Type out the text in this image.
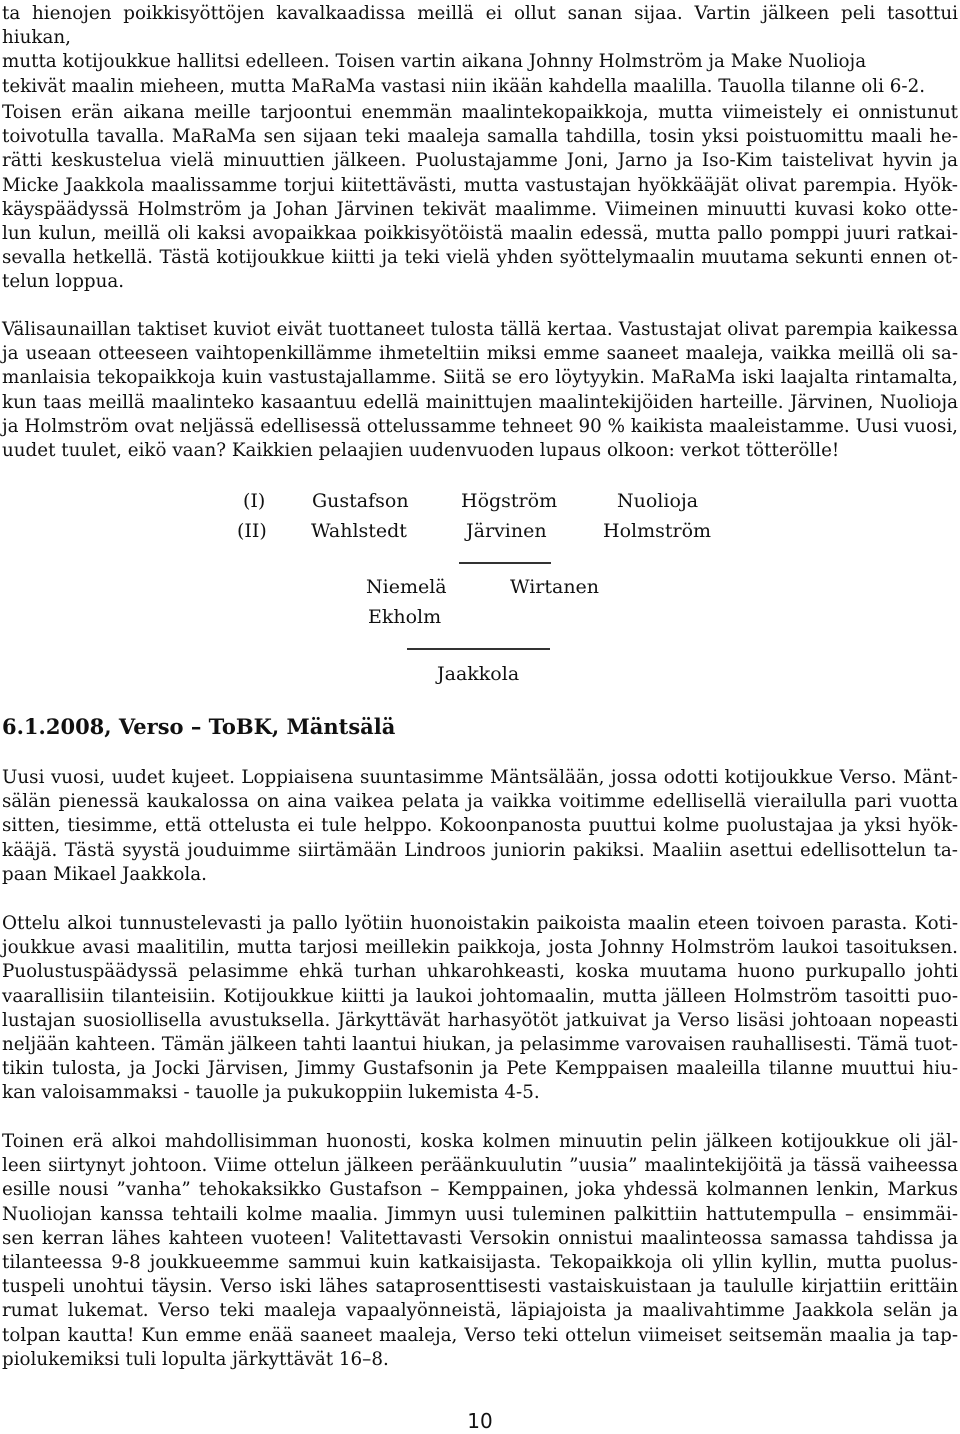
ta hienojen poikkisyöttöjen kavalkaadissa meillä ei ollut sanan sijaa. Vartin jälkeen peli tasottui hiukan,
mutta kotijoukkue hallitsi edelleen. Toisen vartin aikana Johnny Holmström ja Make Nuolioja
tekivät maalin mieheen, mutta MaRaMa vastasi niin ikään kahdella maalilla. Tauolla tilanne oli 6-2.
Toisen erän aikana meille tarjoontui enemmän maalintekopaikkoja, mutta viimeistely ei onnistunut
toivotulla tavalla. MaRaMa sen sijaan teki maaleja samalla tahdilla, tosin yksi poistuomittu maali he-
rätti keskustelua vielä minuuttien jälkeen. Puolustajamme Joni, Jarno ja Iso-Kim taistelivat hyvin ja
Micke Jaakkola maalissamme torjui kiitettävästi, mutta vastustajan hyökkääjät olivat parempia. Hyök-
käyspäädyssä Holmström ja Johan Järvinen tekivät maalimme. Viimeinen minuutti kuvasi koko otte-
lun kulun, meillä oli kaksi avopaikkaa poikkisyötöistä maalin edessä, mutta pallo pomppi juuri ratkai-
sevalla hetkellä. Tästä kotijoukkue kiitti ja teki vielä yhden syöttelymaalin muutama sekunti ennen ot-
telun loppua.
Välisaunaillan taktiset kuviot eivät tuottaneet tulosta tällä kertaa. Vastustajat olivat parempia kaikessa
ja useaan otteeseen vaihtopenkillämme ihmeteltiin miksi emme saaneet maaleja, vaikka meillä oli sa-
manlaisia tekopaikkoja kuin vastustajallamme. Siitä se ero löytyykin. MaRaMa iski laajalta rintamalta,
kun taas meillä maalinteko kasaantuu edellä mainittujen maalintekijöiden harteille. Järvinen, Nuolioja
ja Holmström ovat neljässä edellisessä ottelussamme tehneet 90 % kaikista maaleistamme. Uusi vuosi,
uudet tuulet, eikö vaan? Kaikkien pelaajien uudenvuoden lupaus olkoon: verkot tötterölle!
(I) Gustafson	Högström	Nuolioja
(II) Wahlstedt	Järvinen	Holmström
Niemelä	Wirtanen
Ekholm
Jaakkola
6.1.2008, Verso – ToBK, Mäntsälä
Uusi vuosi, uudet kujeet. Loppiaisena suuntasimme Mäntsälään, jossa odotti kotijoukkue Verso. Mänt-
sälän pienessä kaukalossa on aina vaikea pelata ja vaikka voitimme edellisellä vierailulla pari vuotta
sitten, tiesimme, että ottelusta ei tule helppo. Kokoonpanosta puuttui kolme puolustajaa ja yksi hyök-
kääjä. Tästä syystä jouduimme siirtämään Lindroos juniorin pakiksi. Maaliin asettui edellisottelun ta-
paan Mikael Jaakkola.
Ottelu alkoi tunnustelevasti ja pallo lyötiin huonoistakin paikoista maalin eteen toivoen parasta. Koti-
joukkue avasi maalitilin, mutta tarjosi meillekin paikkoja, josta Johnny Holmström laukoi tasoituksen.
Puolustuspäädyssä pelasimme ehkä turhan uhkarohkeasti, koska muutama huono purkupallo johti
vaarallisiin tilanteisiin. Kotijoukkue kiitti ja laukoi johtomaalin, mutta jälleen Holmström tasoitti puo-
lustajan suosiollisella avustuksella. Järkyttävät harhasyötöt jatkuivat ja Verso lisäsi johtoaan nopeasti
neljään kahteen. Tämän jälkeen tahti laantui hiukan, ja pelasimme varovaisen rauhallisesti. Tämä tuot-
tikin tulosta, ja Jocki Järvisen, Jimmy Gustafsonin ja Pete Kemppaisen maaleilla tilanne muuttui hiu-
kan valoisammaksi - tauolle ja pukukoppiin lukemista 4-5.
Toinen erä alkoi mahdollisimman huonosti, koska kolmen minuutin pelin jälkeen kotijoukkue oli jäl-
leen siirtynyt johtoon. Viime ottelun jälkeen peräänkuulutin ”uusia” maalintekijöitä ja tässä vaiheessa
esille nousi ”vanha” tehokaksikko Gustafson – Kemppainen, joka yhdessä kolmannen lenkin, Markus
Nuoliojan kanssa tehtaili kolme maalia. Jimmyn uusi tuleminen palkittiin hattutempulla – ensimmäi-
sen kerran lähes kahteen vuoteen! Valitettavasti Versokin onnistui maalinteossa samassa tahdissa ja
tilanteessa 9-8 joukkueemme sammui kuin katkaisijasta. Tekopaikkoja oli yllin kyllin, mutta puolus-
tuspeli unohtui täysin. Verso iski lähes sataprosenttisesti vastaiskuistaan ja taululle kirjattiin erittäin
rumat lukemat. Verso teki maaleja vapaalyönneistä, läpiajoista ja maalivahtimme Jaakkola selän ja
tolpan kautta! Kun emme enää saaneet maaleja, Verso teki ottelun viimeiset seitsemän maalia ja tap-
piolukemiksi tuli lopulta järkyttävät 16–8.
10
